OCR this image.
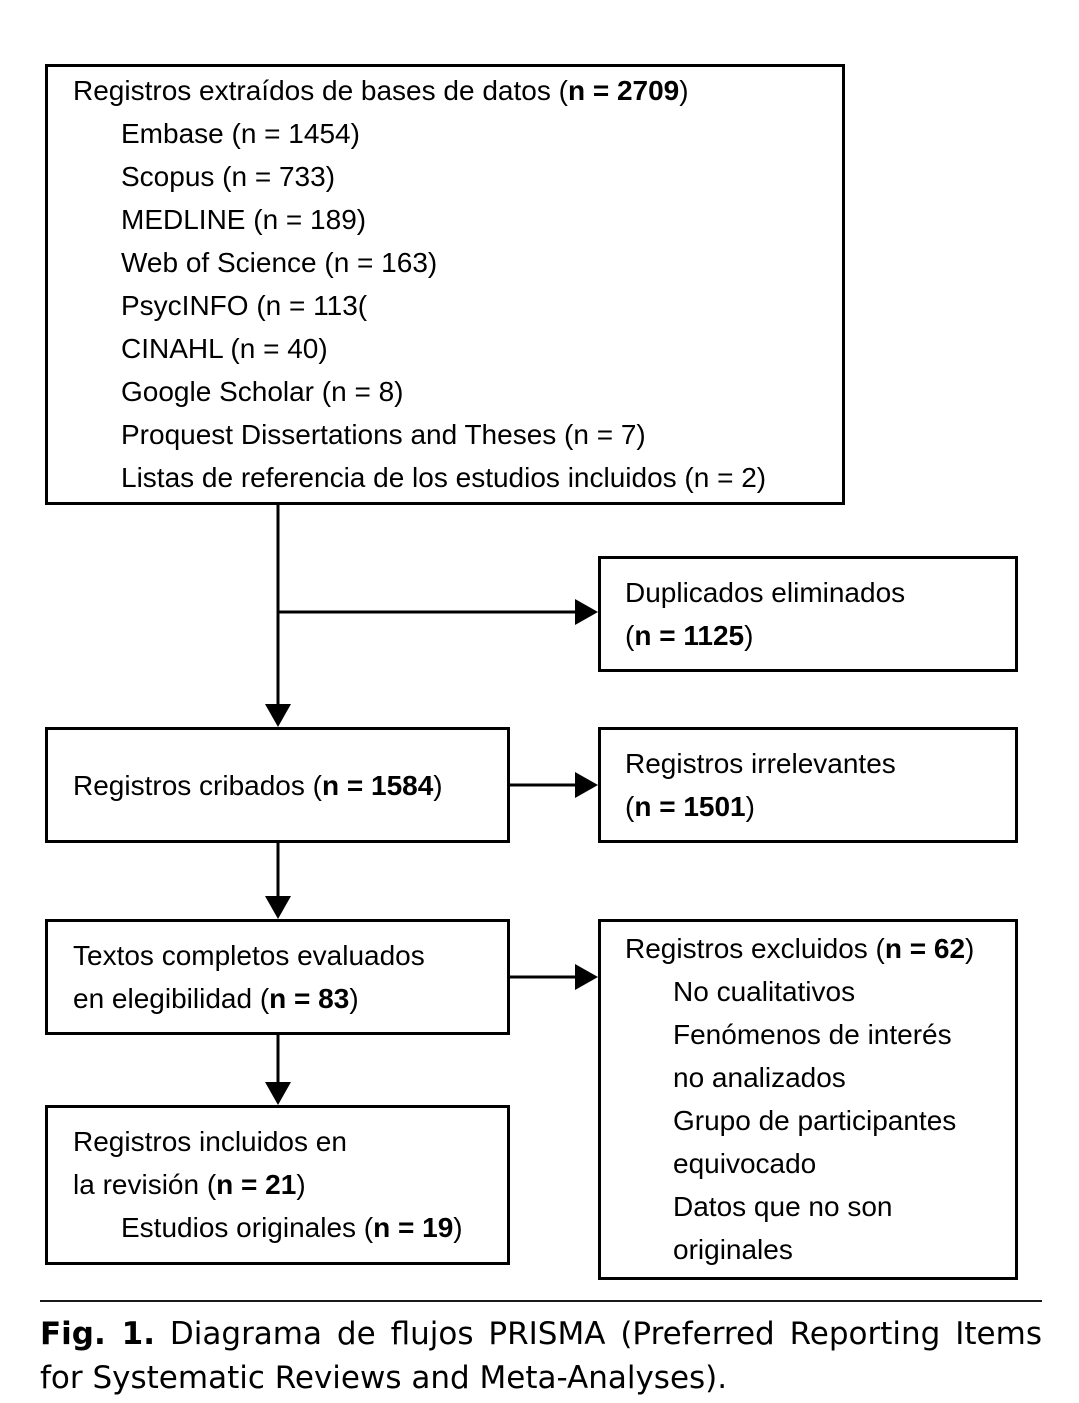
Registros extraídos de bases de datos (n = 2709)
Embase (n = 1454)
Scopus (n = 733)
MEDLINE (n = 189)
Web of Science (n = 163)
PsycINFO (n = 113(
CINAHL (n = 40)
Google Scholar (n = 8)
Proquest Dissertations and Theses (n = 7)
Listas de referencia de los estudios incluidos (n = 2)
Duplicados eliminados
(n = 1125)
Registros cribados (n = 1584)
Registros irrelevantes
(n = 1501)
Textos completos evaluados
en elegibilidad (n = 83)
Registros excluidos (n = 62)
No cualitativos
Fenómenos de interés no analizados
Grupo de participantes equivocado
Datos que no son originales
Registros incluidos en
la revisión (n = 21)
Estudios originales (n = 19)
Fig. 1. Diagrama de flujos PRISMA (Preferred Reporting Items for Systematic Reviews and Meta-Analyses).
